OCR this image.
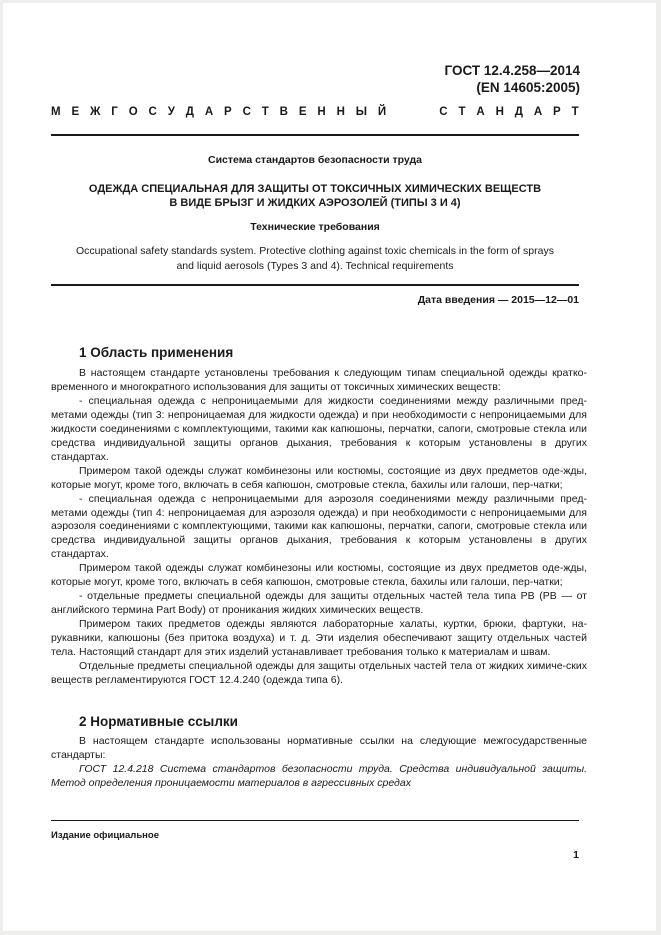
ГОСТ 12.4.258—2014
(EN 14605:2005)
М Е Ж Г О С У Д А Р С Т В Е Н Н Ы Й

	С Т А Н Д А Р Т
Система стандартов безопасности труда
ОДЕЖДА СПЕЦИАЛЬНАЯ ДЛЯ ЗАЩИТЫ ОТ ТОКСИЧНЫХ ХИМИЧЕСКИХ ВЕЩЕСТВ
В ВИДЕ БРЫЗГ И ЖИДКИХ АЭРОЗОЛЕЙ (ТИПЫ 3 И 4)
Технические требования
Occupational safety standards system. Protective clothing against toxic chemicals in the form of sprays
and liquid aerosols (Types 3 and 4). Technical requirements
Дата введения — 2015—12—01
1 Область применения

В настоящем стандарте установлены требования к следующим типам специальной одежды кратко-временного и многократного использования для защиты от токсичных химических веществ:

- специальная одежда с непроницаемыми для жидкости соединениями между различными пред-метами одежды (тип 3: непроницаемая для жидкости одежда) и при необходимости с непроницаемыми для жидкости соединениями с комплектующими, такими как капюшоны, перчатки, сапоги, смотровые стекла или средства индивидуальной защиты органов дыхания, требования к которым установлены в других стандартах.

Примером такой одежды служат комбинезоны или костюмы, состоящие из двух предметов оде-жды, которые могут, кроме того, включать в себя капюшон, смотровые стекла, бахилы или галоши, пер-чатки;

- специальная одежда с непроницаемыми для аэрозоля соединениями между различными пред-метами одежды (тип 4: непроницаемая для аэрозоля одежда) и при необходимости с непроницаемыми для аэрозоля соединениями с комплектующими, такими как капюшоны, перчатки, сапоги, смотровые стекла или средства индивидуальной защиты органов дыхания, требования к которым установлены в других стандартах.

Примером такой одежды служат комбинезоны или костюмы, состоящие из двух предметов оде-жды, которые могут, кроме того, включать в себя капюшон, смотровые стекла, бахилы или галоши, пер-чатки;

- отдельные предметы специальной одежды для защиты отдельных частей тела типа PB (PB — от английского термина Part Body) от проникания жидких химических веществ.

Примером таких предметов одежды являются лабораторные халаты, куртки, брюки, фартуки, на-рукавники, капюшоны (без притока воздуха) и т. д. Эти изделия обеспечивают защиту отдельных частей тела. Настоящий стандарт для этих изделий устанавливает требования только к материалам и швам.

Отдельные предметы специальной одежды для защиты отдельных частей тела от жидких химиче-ских веществ регламентируются ГОСТ 12.4.240 (одежда типа 6).

2 Нормативные ссылки

В настоящем стандарте использованы нормативные ссылки на следующие межгосударственные стандарты:

ГОСТ 12.4.218 Система стандартов безопасности труда. Средства индивидуальной защиты. Метод определения проницаемости материалов в агрессивных средах

Издание официальное
1
